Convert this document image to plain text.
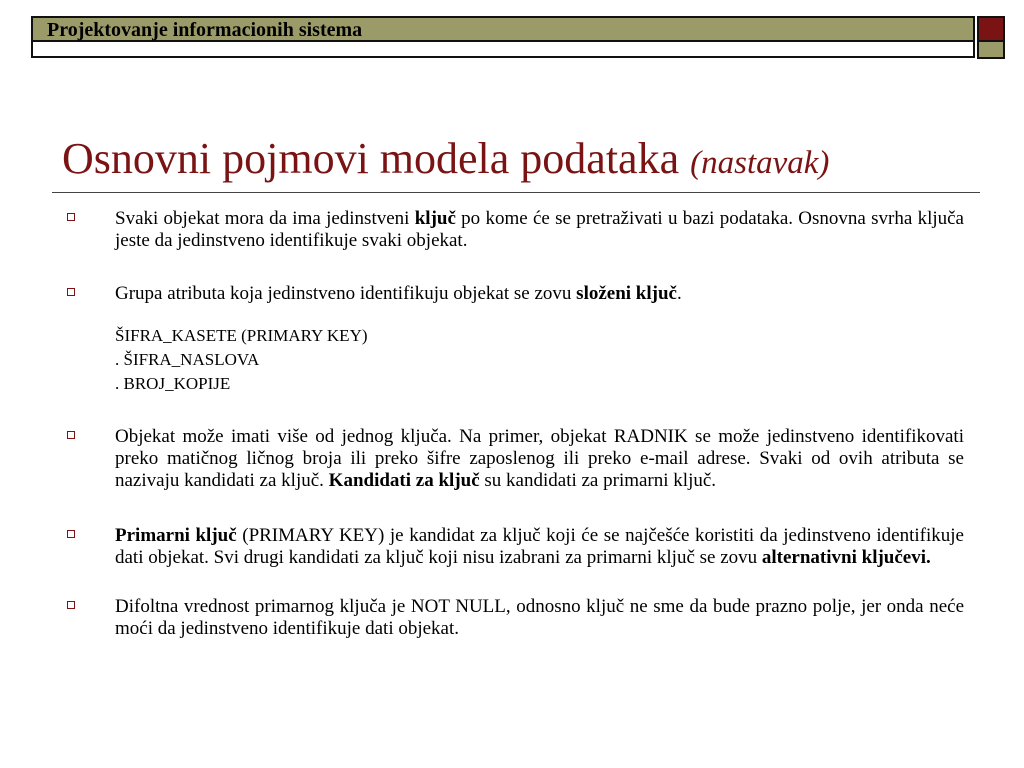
Projektovanje informacionih sistema
Osnovni pojmovi modela podataka (nastavak)
Svaki objekat mora da ima jedinstveni ključ po kome će se pretraživati u bazi podataka. Osnovna svrha ključa jeste da jedinstveno identifikuje svaki objekat.
Grupa atributa koja jedinstveno identifikuju objekat se zovu složeni ključ.
ŠIFRA_KASETE (PRIMARY KEY)
. ŠIFRA_NASLOVA
. BROJ_KOPIJE
Objekat može imati više od jednog ključa. Na primer, objekat RADNIK se može jedinstveno identifikovati preko matičnog ličnog broja ili preko šifre zaposlenog ili preko e-mail adrese. Svaki od ovih atributa se nazivaju kandidati za ključ. Kandidati za ključ su kandidati za primarni ključ.
Primarni ključ (PRIMARY KEY) je kandidat za ključ koji će se najčešće koristiti da jedinstveno identifikuje dati objekat. Svi drugi kandidati za ključ koji nisu izabrani za primarni ključ se zovu alternativni ključevi.
Difoltna vrednost primarnog ključa je NOT NULL, odnosno ključ ne sme da bude prazno polje, jer onda neće moći da jedinstveno identifikuje dati objekat.
